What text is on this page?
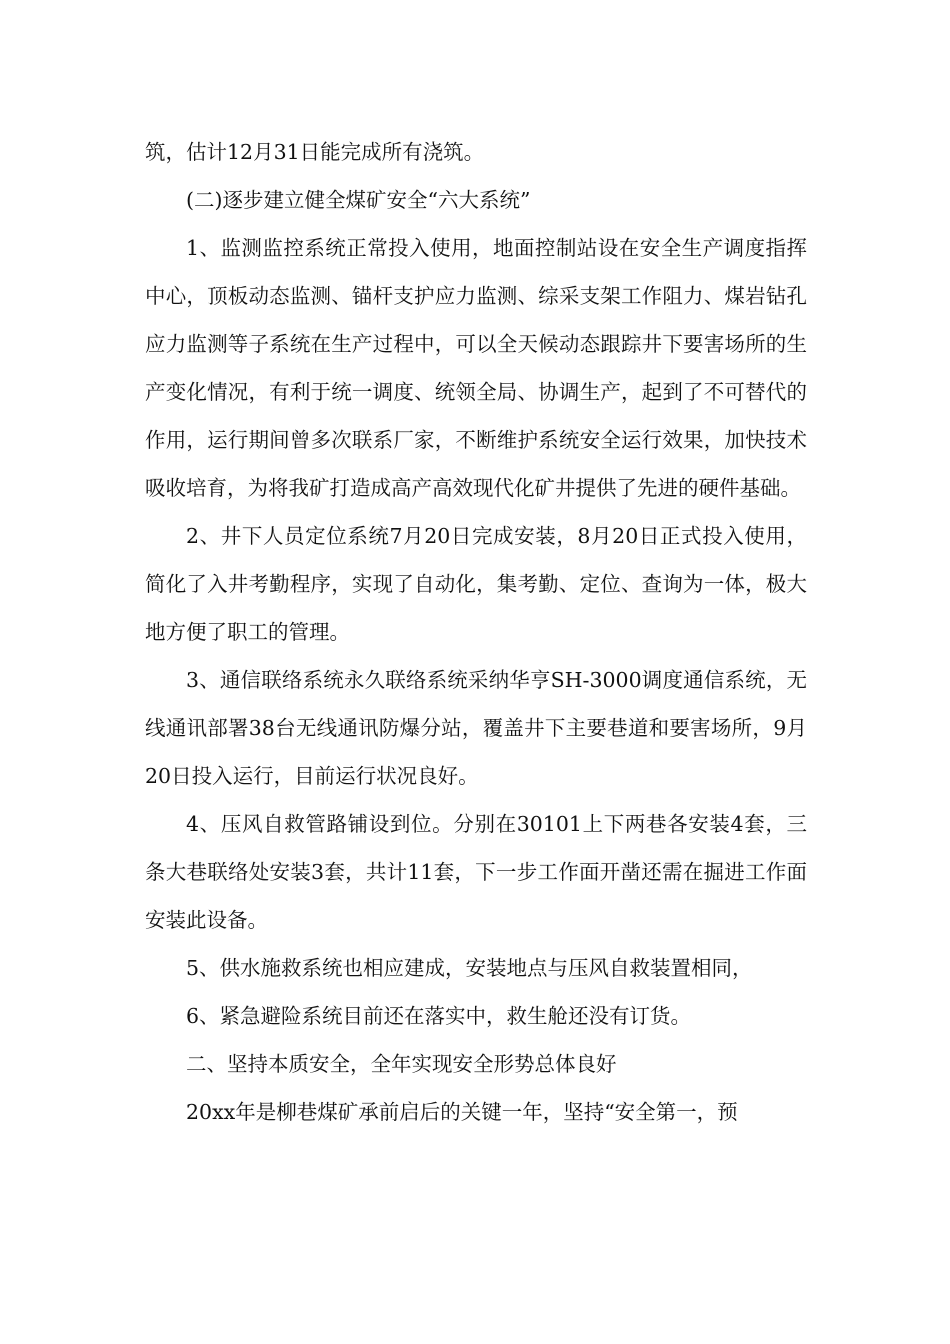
筑，估计12月31日能完成所有浇筑。

(二)逐步建立健全煤矿安全“六大系统”

1、监测监控系统正常投入使用，地面控制站设在安全生产调度指挥中心，顶板动态监测、锚杆支护应力监测、综采支架工作阻力、煤岩钻孔应力监测等子系统在生产过程中，可以全天候动态跟踪井下要害场所的生产变化情况，有利于统一调度、统领全局、协调生产，起到了不可替代的作用，运行期间曾多次联系厂家，不断维护系统安全运行效果，加快技术吸收培育，为将我矿打造成高产高效现代化矿井提供了先进的硬件基础。

2、井下人员定位系统7月20日完成安装，8月20日正式投入使用，简化了入井考勤程序，实现了自动化，集考勤、定位、查询为一体，极大地方便了职工的管理。

3、通信联络系统永久联络系统采纳华亨SH-3000调度通信系统，无线通讯部署38台无线通讯防爆分站，覆盖井下主要巷道和要害场所，9月20日投入运行，目前运行状况良好。

4、压风自救管路铺设到位。分别在30101上下两巷各安装4套，三条大巷联络处安装3套，共计11套，下一步工作面开凿还需在掘进工作面安装此设备。

5、供水施救系统也相应建成，安装地点与压风自救装置相同，

6、紧急避险系统目前还在落实中，救生舱还没有订货。

二、坚持本质安全，全年实现安全形势总体良好

20xx年是柳巷煤矿承前启后的关键一年，坚持“安全第一，预
